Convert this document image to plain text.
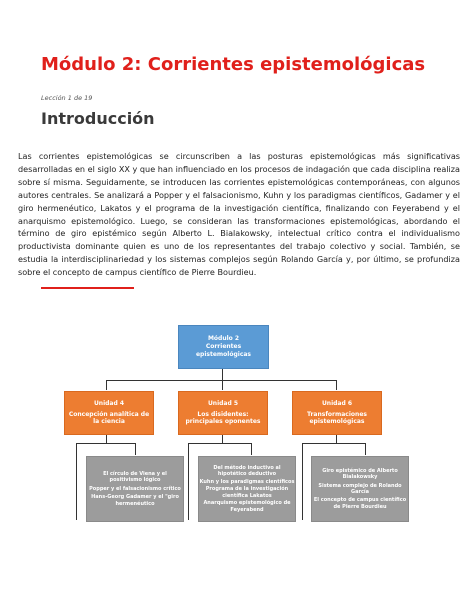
Módulo 2: Corrientes epistemológicas
Lección 1 de 19
Introducción

Las corrientes epistemológicas se circunscriben a las posturas epistemológicas más significativas desarrolladas en el siglo XX y que han influenciado en los procesos de indagación que cada disciplina realiza sobre sí misma. Seguidamente, se introducen las corrientes epistemológicas contemporáneas, con algunos autores centrales. Se analizará a Popper y el falsacionismo, Kuhn y los paradigmas científicos, Gadamer y el giro hermenéutico, Lakatos y el programa de la investigación científica, finalizando con Feyerabend y el anarquismo epistemológico. Luego, se consideran las transformaciones epistemológicas, abordando el término de giro epistémico según Alberto L. Bialakowsky, intelectual crítico contra el individualismo productivista dominante quien es uno de los representantes del trabajo colectivo y social. También, se estudia la interdisciplinariedad y los sistemas complejos según Rolando García y, por último, se profundiza sobre el concepto de campus científico de Pierre Bourdieu.

Módulo 2
Corrientes epistemológicas
Unidad 4
Concepción analítica de la ciencia
Unidad 5
Los disidentes: principales oponentes
Unidad 6
Transformaciones epistemológicas
El círculo de Viena y el positivismo lógico
Popper y el falsacionismo crítico
Hans-Georg Gadamer y el "giro hermenéutico
Del método inductivo al hipotético deductivo
Kuhn y los paradigmas científicos
Programa de la investigación científica Lakatos
Anarquismo epistemológico de Feyerabend
Giro epistémico de Alberto Bialakowsky
Sistema complejo de Rolando García
El concepto de campus científico de Pierre Bourdieu
